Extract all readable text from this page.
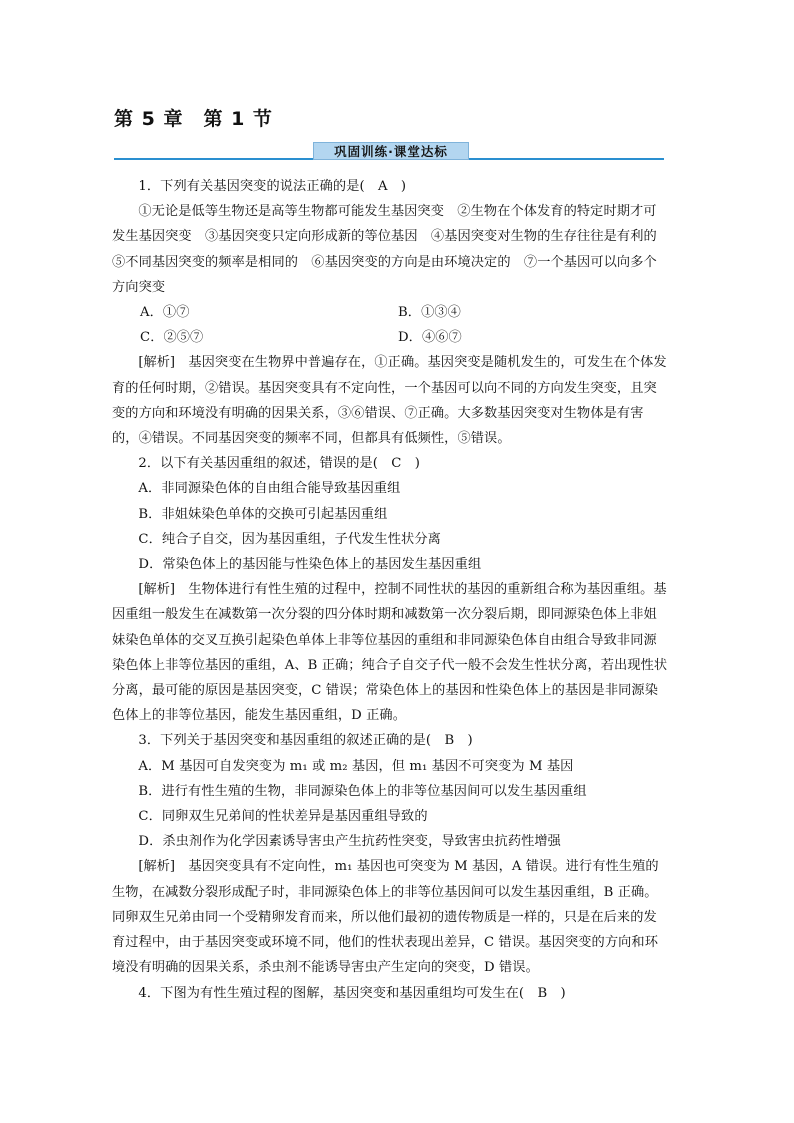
第 5 章　第 1 节
巩固训练·课堂达标

1．下列有关基因突变的说法正确的是(　A　)

①无论是低等生物还是高等生物都可能发生基因突变　②生物在个体发育的特定时期才可发生基因突变　③基因突变只定向形成新的等位基因　④基因突变对生物的生存往往是有利的　⑤不同基因突变的频率是相同的　⑥基因突变的方向是由环境决定的　⑦一个基因可以向多个方向突变

A．①⑦	B．①③④
C．②⑤⑦	D．④⑥⑦

[解析]　基因突变在生物界中普遍存在，①正确。基因突变是随机发生的，可发生在个体发育的任何时期，②错误。基因突变具有不定向性，一个基因可以向不同的方向发生突变，且突变的方向和环境没有明确的因果关系，③⑥错误、⑦正确。大多数基因突变对生物体是有害的，④错误。不同基因突变的频率不同，但都具有低频性，⑤错误。

2．以下有关基因重组的叙述，错误的是(　C　)

A．非同源染色体的自由组合能导致基因重组

B．非姐妹染色单体的交换可引起基因重组

C．纯合子自交，因为基因重组，子代发生性状分离

D．常染色体上的基因能与性染色体上的基因发生基因重组

[解析]　生物体进行有性生殖的过程中，控制不同性状的基因的重新组合称为基因重组。基因重组一般发生在减数第一次分裂的四分体时期和减数第一次分裂后期，即同源染色体上非姐妹染色单体的交叉互换引起染色单体上非等位基因的重组和非同源染色体自由组合导致非同源染色体上非等位基因的重组，A、B 正确；纯合子自交子代一般不会发生性状分离，若出现性状分离，最可能的原因是基因突变，C 错误；常染色体上的基因和性染色体上的基因是非同源染色体上的非等位基因，能发生基因重组，D 正确。

3．下列关于基因突变和基因重组的叙述正确的是(　B　)

A．M 基因可自发突变为 m₁ 或 m₂ 基因，但 m₁ 基因不可突变为 M 基因

B．进行有性生殖的生物，非同源染色体上的非等位基因间可以发生基因重组

C．同卵双生兄弟间的性状差异是基因重组导致的

D．杀虫剂作为化学因素诱导害虫产生抗药性突变，导致害虫抗药性增强

[解析]　基因突变具有不定向性，m₁ 基因也可突变为 M 基因，A 错误。进行有性生殖的生物，在减数分裂形成配子时，非同源染色体上的非等位基因间可以发生基因重组，B 正确。同卵双生兄弟由同一个受精卵发育而来，所以他们最初的遗传物质是一样的，只是在后来的发育过程中，由于基因突变或环境不同，他们的性状表现出差异，C 错误。基因突变的方向和环境没有明确的因果关系，杀虫剂不能诱导害虫产生定向的突变，D 错误。

4．下图为有性生殖过程的图解，基因突变和基因重组均可发生在(　B　)
